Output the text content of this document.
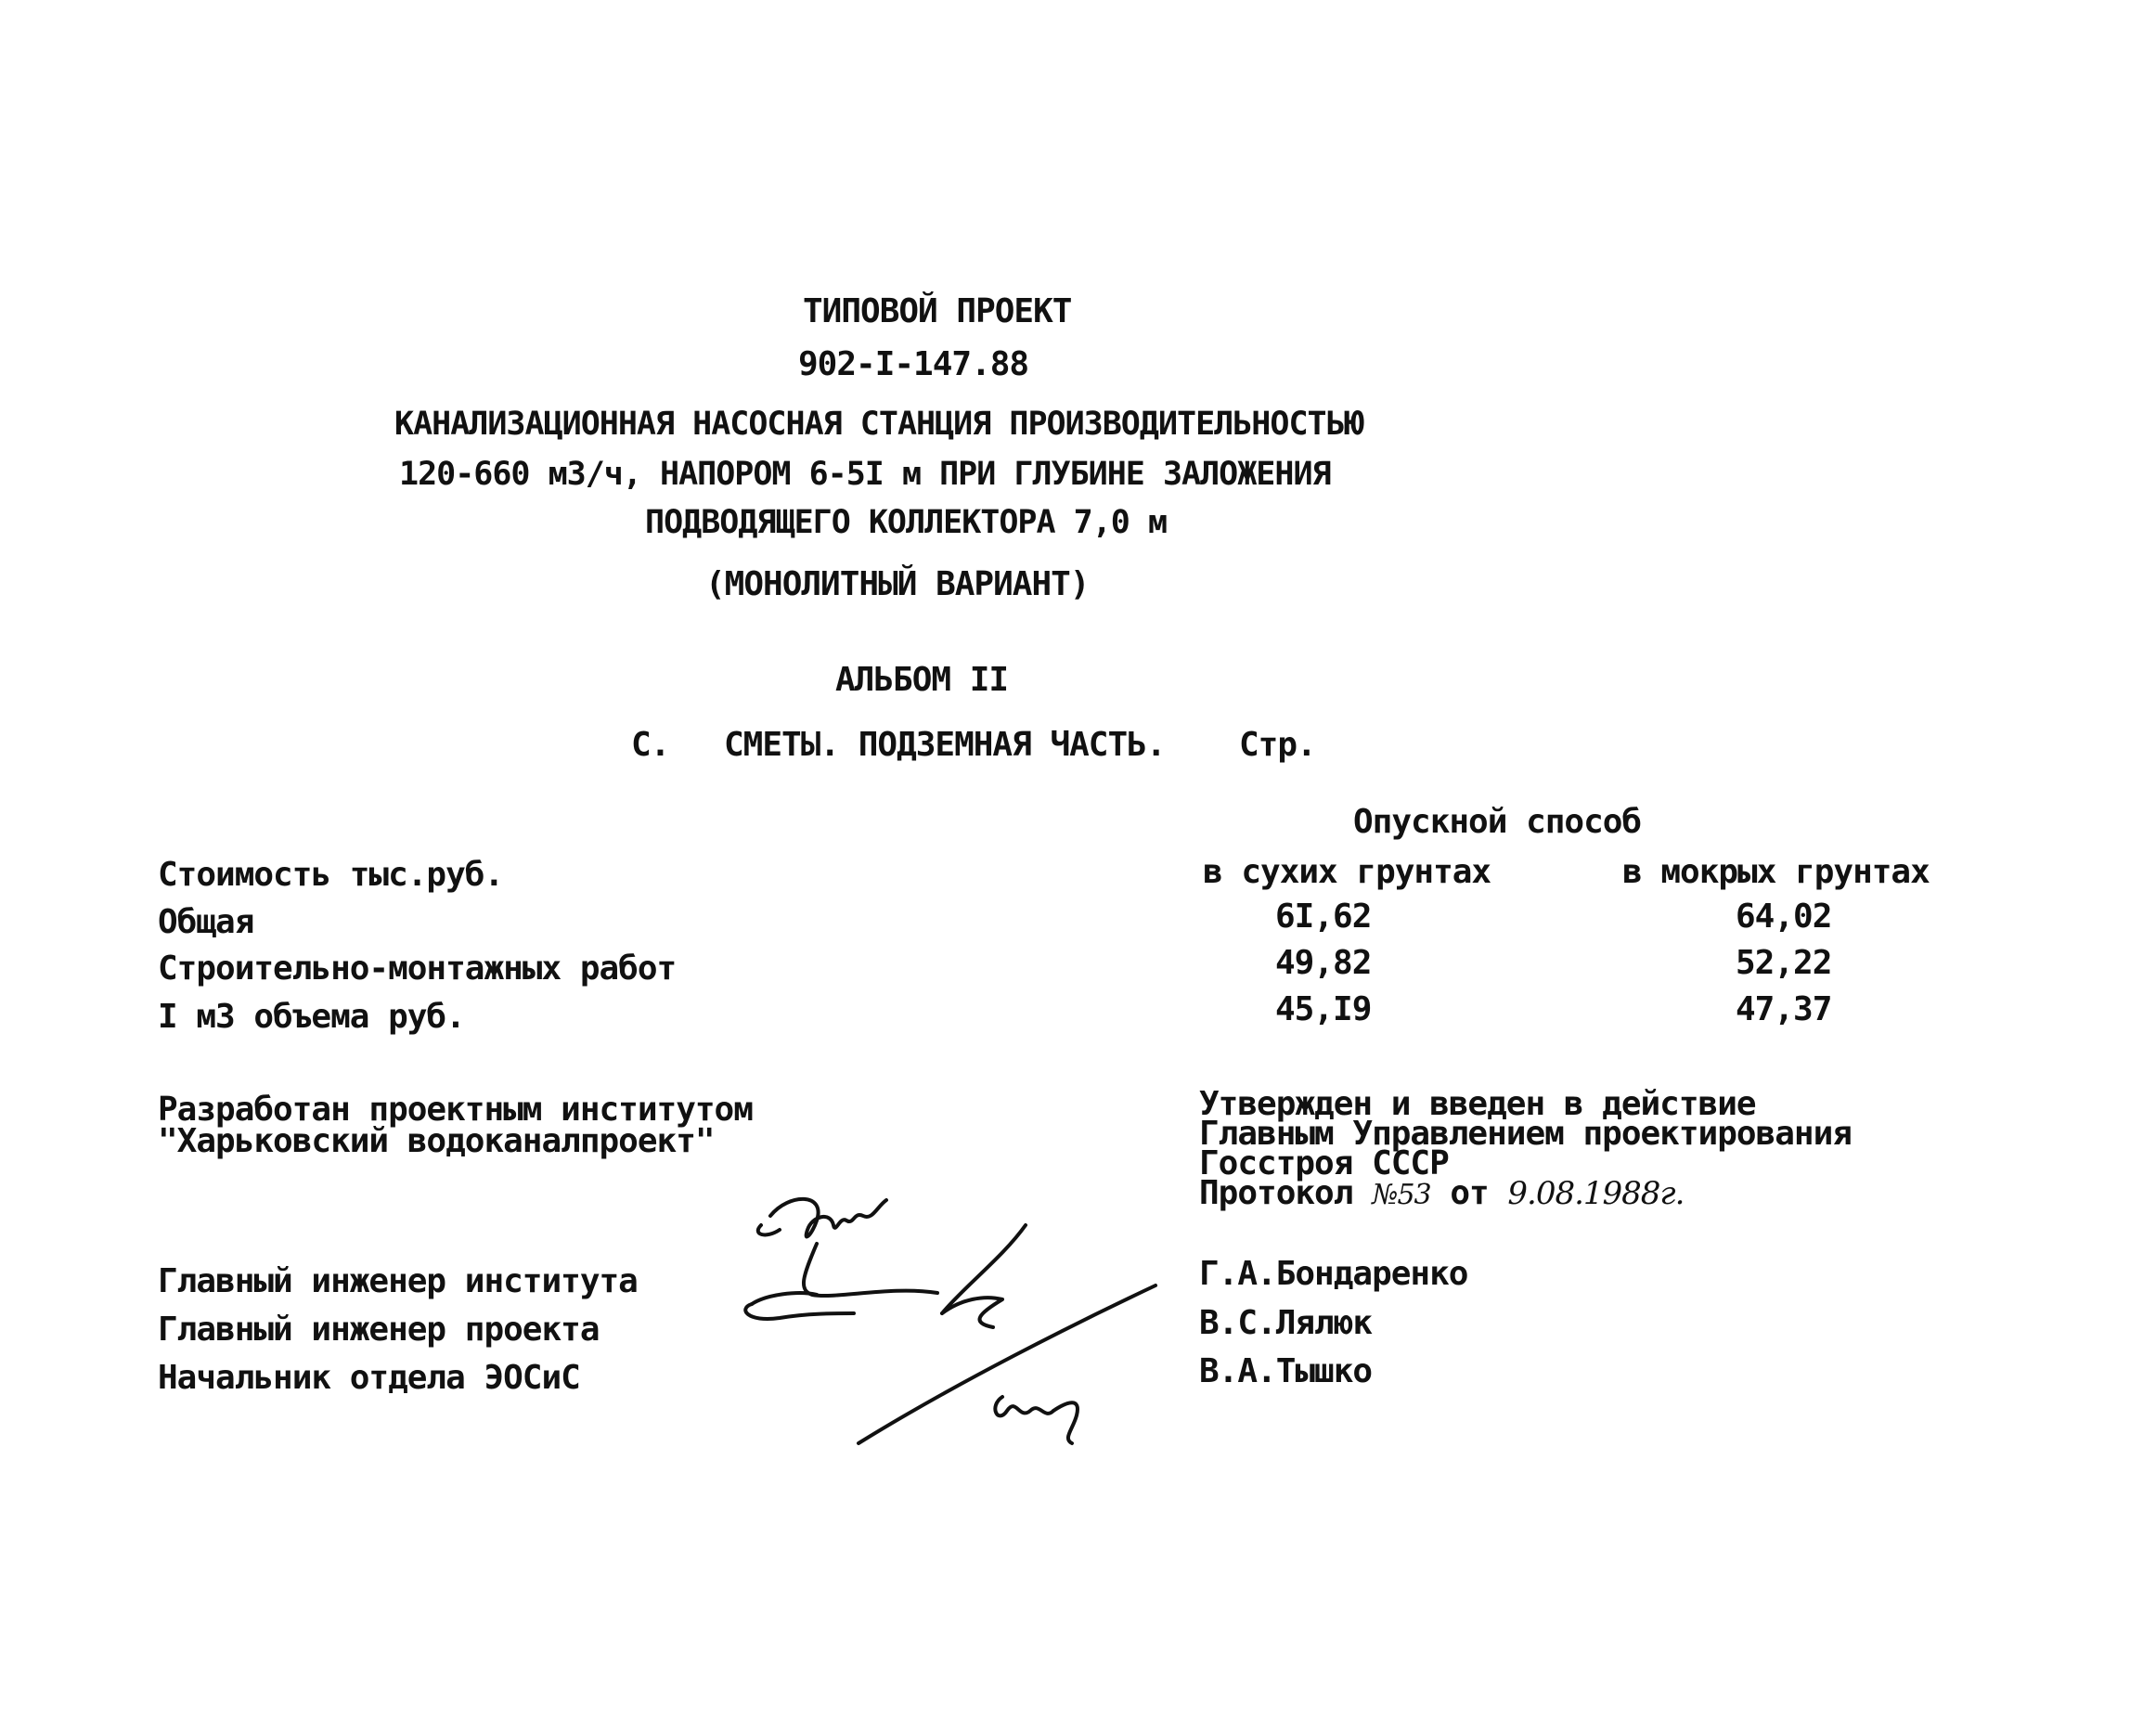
ТИПОВОЙ ПРОЕКТ
902-I-147.88
КАНАЛИЗАЦИОННАЯ НАСОСНАЯ СТАНЦИЯ ПРОИЗВОДИТЕЛЬНОСТЬЮ
120-660 м3/ч, НАПОРОМ 6-5I м ПРИ ГЛУБИНЕ ЗАЛОЖЕНИЯ
ПОДВОДЯЩЕГО КОЛЛЕКТОРА 7,0 м
(МОНОЛИТНЫЙ ВАРИАНТ)
АЛЬБОМ II
С. СМЕТЫ. ПОДЗЕМНАЯ ЧАСТЬ. Стр.
Опускной способ
Стоимость тыс.руб.	в сухих грунтах	в мокрых грунтах
Общая	6I,62	64,02
Строительно-монтажных работ	49,82	52,22
I м3 объема руб.	45,I9	47,37
Разработан проектным институтом
"Харьковский водоканалпроект"
Утвержден и введен в действие
Главным Управлением проектирования
Госстроя СССР
Протокол №53 от 9.08.1988г.
Главный инженер института	Г.А.Бондаренко
Главный инженер проекта	В.С.Лялюк
Начальник отдела ЭОСиС	В.А.Тышко
